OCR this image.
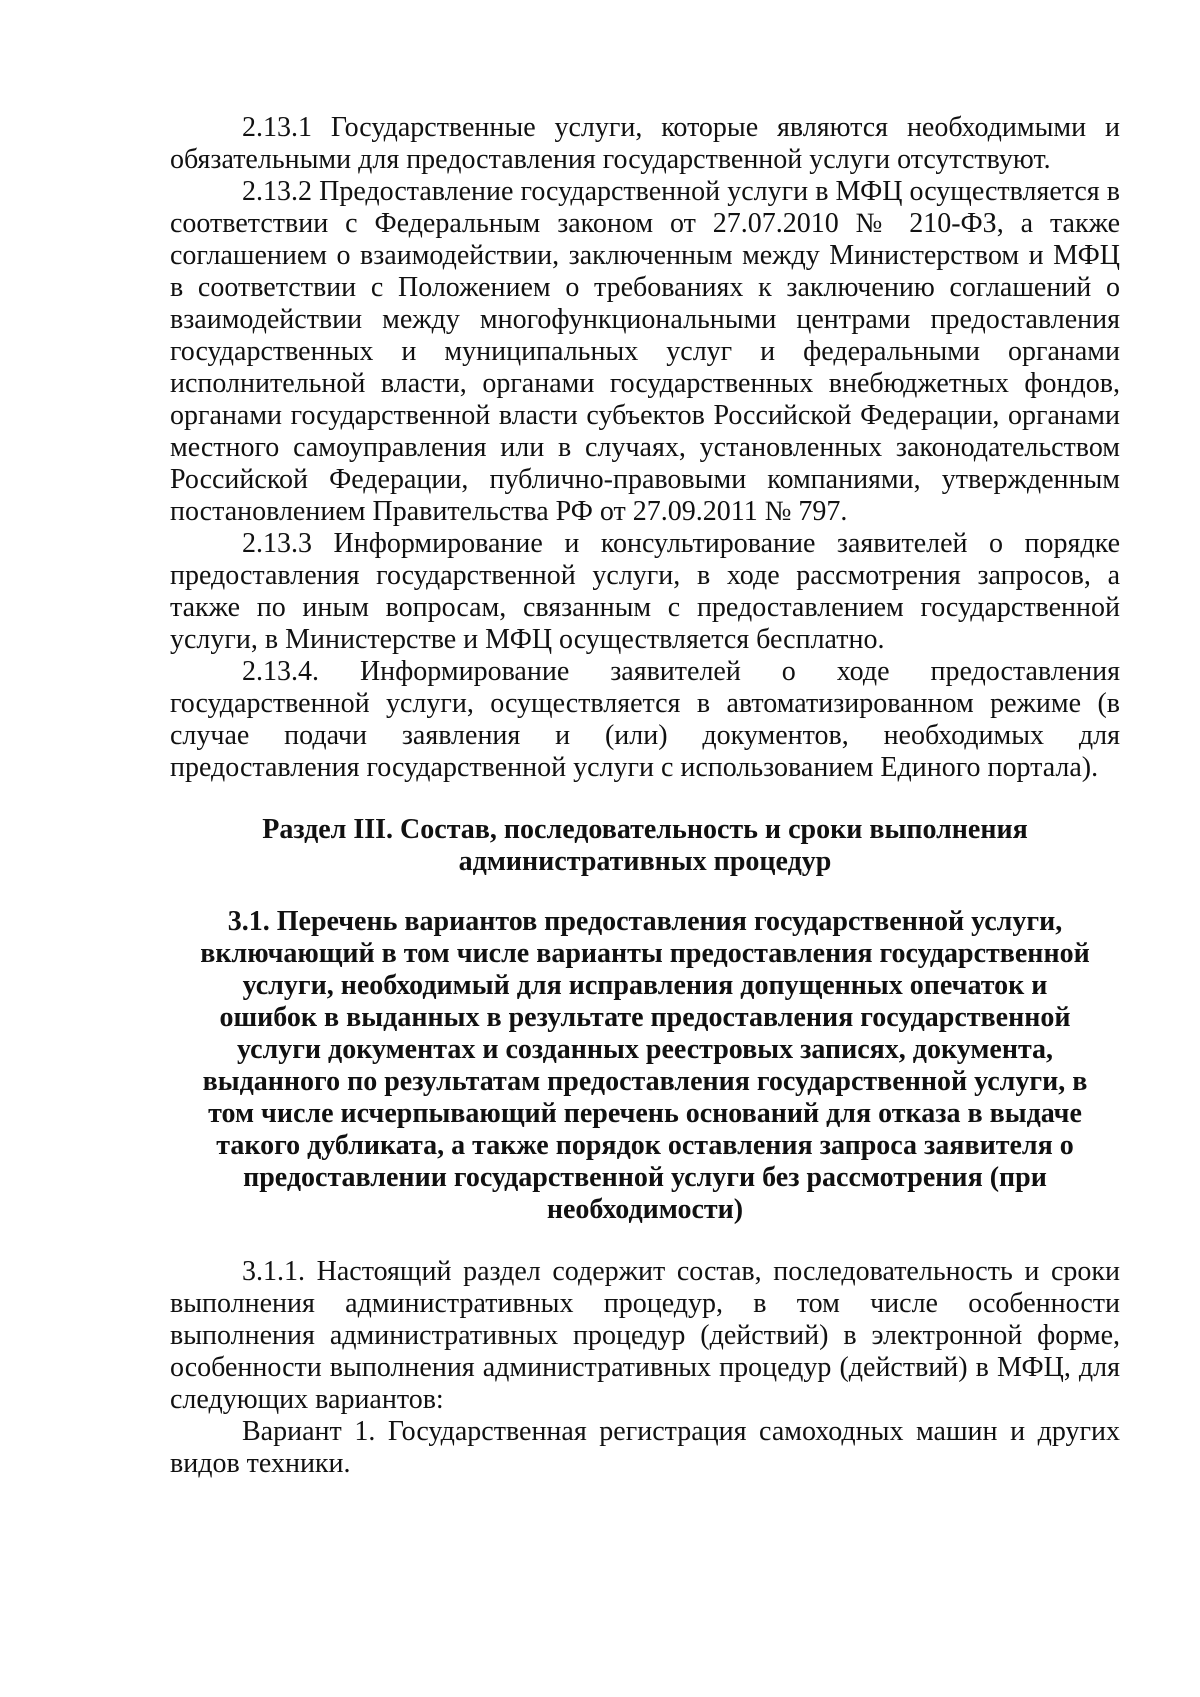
2.13.1 Государственные услуги, которые являются необходимыми и обязательными для предоставления государственной услуги отсутствуют.

2.13.2 Предоставление государственной услуги в МФЦ осуществляется в соответствии с Федеральным законом от 27.07.2010 № 210-ФЗ, а также соглашением о взаимодействии, заключенным между Министерством и МФЦ в соответствии с Положением о требованиях к заключению соглашений о взаимодействии между многофункциональными центрами предоставления государственных и муниципальных услуг и федеральными органами исполнительной власти, органами государственных внебюджетных фондов, органами государственной власти субъектов Российской Федерации, органами местного самоуправления или в случаях, установленных законодательством Российской Федерации, публично-правовыми компаниями, утвержденным постановлением Правительства РФ от 27.09.2011 № 797.

2.13.3 Информирование и консультирование заявителей о порядке предоставления государственной услуги, в ходе рассмотрения запросов, а также по иным вопросам, связанным с предоставлением государственной услуги, в Министерстве и МФЦ осуществляется бесплатно.

2.13.4. Информирование заявителей о ходе предоставления государственной услуги, осуществляется в автоматизированном режиме (в случае подачи заявления и (или) документов, необходимых для предоставления государственной услуги с использованием Единого портала).

Раздел III. Состав, последовательность и сроки выполнения административных процедур

3.1. Перечень вариантов предоставления государственной услуги, включающий в том числе варианты предоставления государственной услуги, необходимый для исправления допущенных опечаток и ошибок в выданных в результате предоставления государственной услуги документах и созданных реестровых записях, документа, выданного по результатам предоставления государственной услуги, в том числе исчерпывающий перечень оснований для отказа в выдаче такого дубликата, а также порядок оставления запроса заявителя о предоставлении государственной услуги без рассмотрения (при необходимости)

3.1.1. Настоящий раздел содержит состав, последовательность и сроки выполнения административных процедур, в том числе особенности выполнения административных процедур (действий) в электронной форме, особенности выполнения административных процедур (действий) в МФЦ, для следующих вариантов:

Вариант 1. Государственная регистрация самоходных машин и других видов техники.
